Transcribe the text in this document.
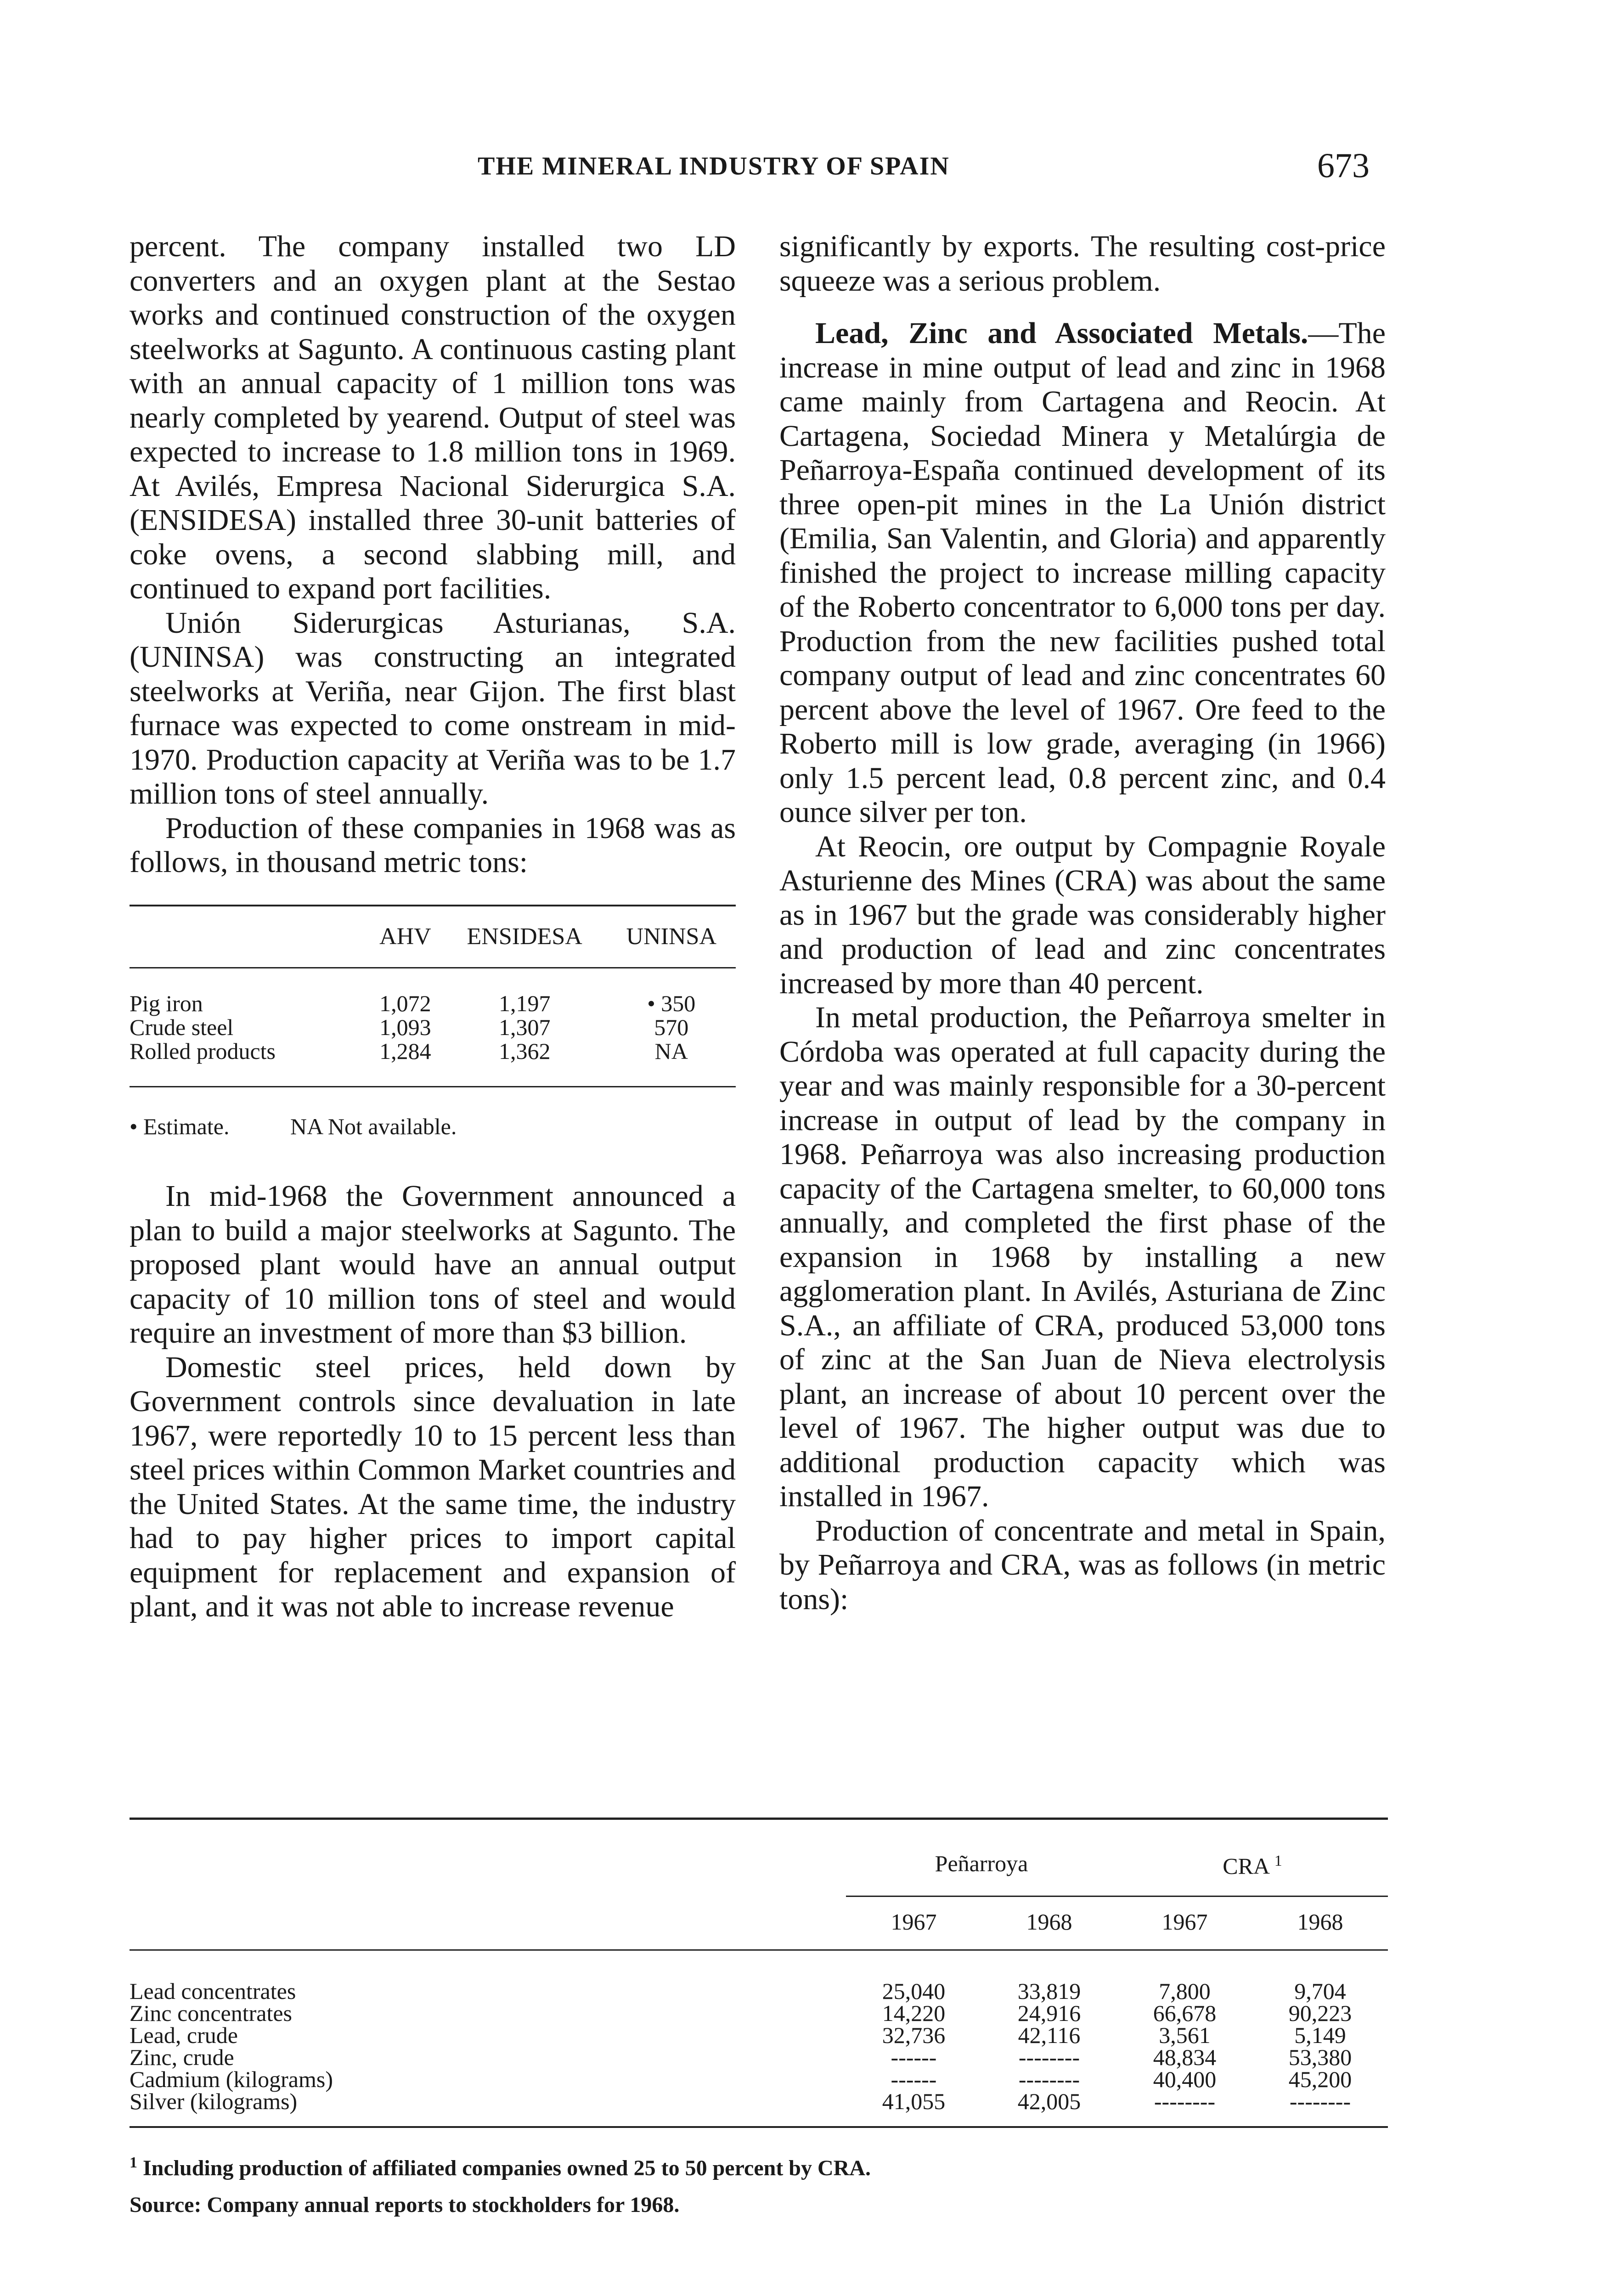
THE MINERAL INDUSTRY OF SPAIN	673

percent. The company installed two LD converters and an oxygen plant at the Sestao works and continued construction of the oxygen steelworks at Sagunto. A continuous casting plant with an annual capacity of 1 million tons was nearly completed by yearend. Output of steel was expected to increase to 1.8 million tons in 1969. At Avilés, Empresa Nacional Siderurgica S.A. (ENSIDESA) installed three 30-unit batteries of coke ovens, a second slabbing mill, and continued to expand port facilities.

Unión Siderurgicas Asturianas, S.A. (UNINSA) was constructing an integrated steelworks at Veriña, near Gijon. The first blast furnace was expected to come onstream in mid-1970. Production capacity at Veriña was to be 1.7 million tons of steel annually.

Production of these companies in 1968 was as follows, in thousand metric tons:

	AHV	ENSIDESA	UNINSA
Pig iron	1,072	1,197	• 350
Crude steel	1,093	1,307	570
Rolled products	1,284	1,362	NA
• Estimate.	NA Not available.

In mid-1968 the Government announced a plan to build a major steelworks at Sagunto. The proposed plant would have an annual output capacity of 10 million tons of steel and would require an investment of more than $3 billion.

Domestic steel prices, held down by Government controls since devaluation in late 1967, were reportedly 10 to 15 percent less than steel prices within Common Market countries and the United States. At the same time, the industry had to pay higher prices to import capital equipment for replacement and expansion of plant, and it was not able to increase revenue

significantly by exports. The resulting cost-price squeeze was a serious problem.

Lead, Zinc and Associated Metals.—The increase in mine output of lead and zinc in 1968 came mainly from Cartagena and Reocin. At Cartagena, Sociedad Minera y Metalúrgia de Peñarroya-España continued development of its three open-pit mines in the La Unión district (Emilia, San Valentin, and Gloria) and apparently finished the project to increase milling capacity of the Roberto concentrator to 6,000 tons per day. Production from the new facilities pushed total company output of lead and zinc concentrates 60 percent above the level of 1967. Ore feed to the Roberto mill is low grade, averaging (in 1966) only 1.5 percent lead, 0.8 percent zinc, and 0.4 ounce silver per ton.

At Reocin, ore output by Compagnie Royale Asturienne des Mines (CRA) was about the same as in 1967 but the grade was considerably higher and production of lead and zinc concentrates increased by more than 40 percent.

In metal production, the Peñarroya smelter in Córdoba was operated at full capacity during the year and was mainly responsible for a 30-percent increase in output of lead by the company in 1968. Peñarroya was also increasing production capacity of the Cartagena smelter, to 60,000 tons annually, and completed the first phase of the expansion in 1968 by installing a new agglomeration plant. In Avilés, Asturiana de Zinc S.A., an affiliate of CRA, produced 53,000 tons of zinc at the San Juan de Nieva electrolysis plant, an increase of about 10 percent over the level of 1967. The higher output was due to additional production capacity which was installed in 1967.

Production of concentrate and metal in Spain, by Peñarroya and CRA, was as follows (in metric tons):

	Peñarroya		CRA $^1$
	1967	1968		1967	1968
Lead concentrates	25,040	33,819		7,800	9,704
Zinc concentrates	14,220	24,916		66,678	90,223
Lead, crude	32,736	42,116		3,561	5,149
Zinc, crude	------	--------		48,834	53,380
Cadmium (kilograms)	------	--------		40,400	45,200
Silver (kilograms)	41,055	42,005		--------	--------
$^1$ Including production of affiliated companies owned 25 to 50 percent by CRA.
Source: Company annual reports to stockholders for 1968.
